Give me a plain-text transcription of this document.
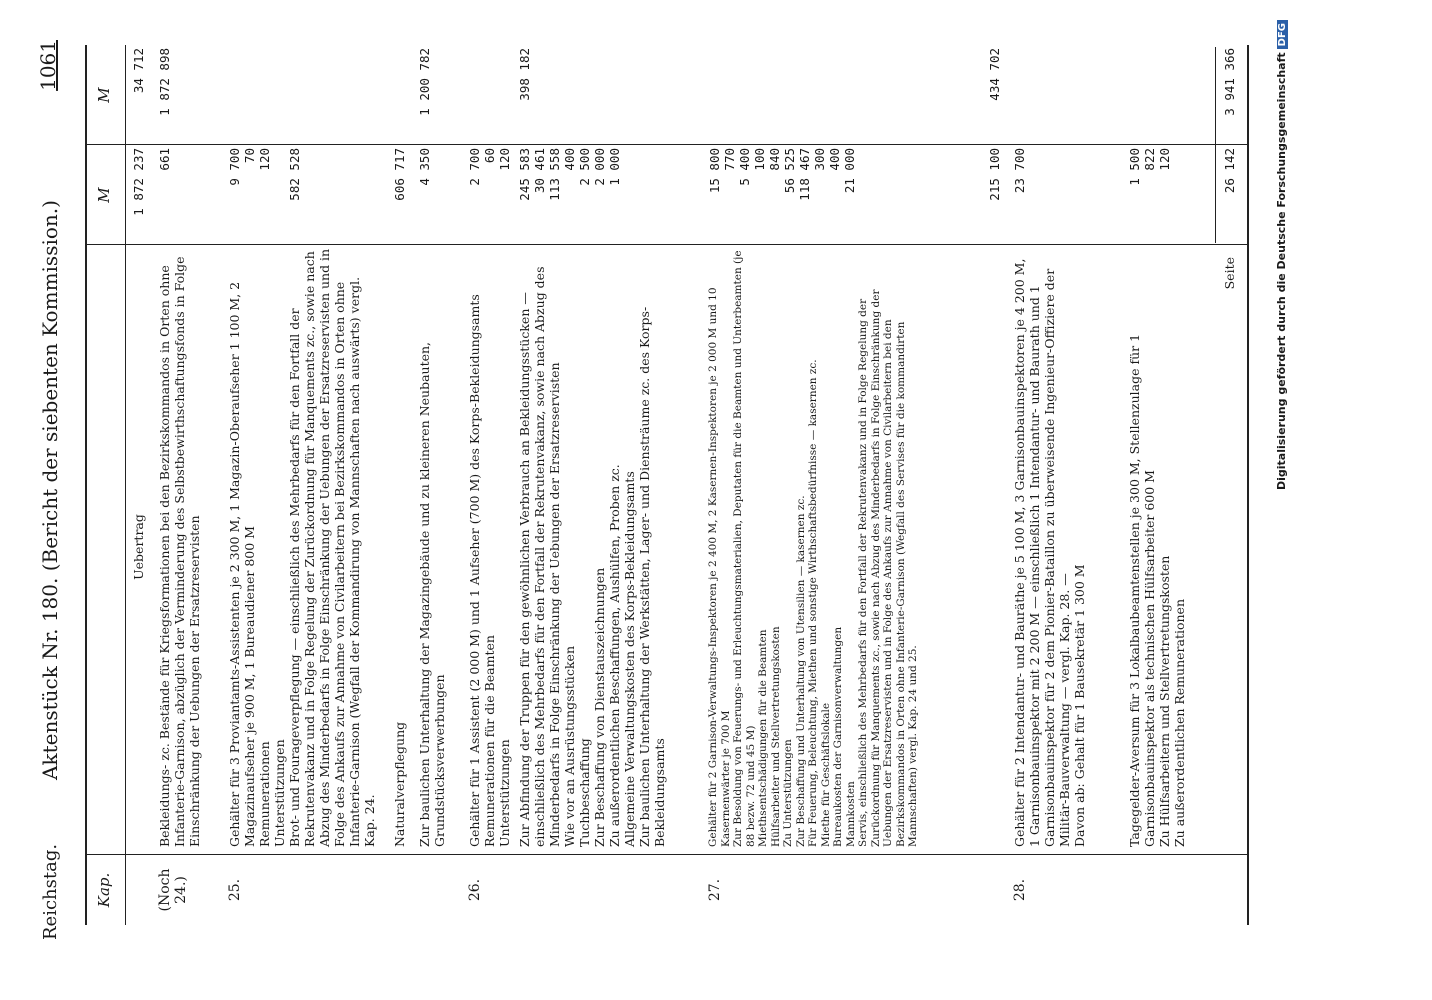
Reichstag.
Aktenstück Nr. 180. (Bericht der siebenten Kommission.)
1061
Kap.
M
M
Uebertrag
1 872 237
34 712
Seite
26 142
3 941 366
(Noch 24.)
Bekleidungs- zc. Bestände für Kriegsformationen bei den Bezirkskommandos in Orten ohne Infanterie-Garnison, abzüglich der Verminderung des Selbstbewirthschaftungsfonds in Folge Einschränkung der Uebungen der Ersatzreservisten
661
1 872 898
25.
Gehälter für 3 Proviantamts-Assistenten je 2 300 M, 1 Magazin-Oberaufseher 1 100 M, 2 Magazinaufseher je 900 M, 1 Bureaudiener 800 M
Remunerationen
Unterstützungen
9 700
70
120
Brot- und Fourageverpflegung — einschließlich des Mehrbedarfs für den Fortfall der Rekrutenvakanz und in Folge Regelung der Zurückordnung für Manquements zc., sowie nach Abzug des Minderbedarfs in Folge Einschränkung der Uebungen der Ersatzreservisten und in Folge des Ankaufs zur Annahme von Civilarbeitern bei Bezirkskommandos in Orten ohne Infanterie-Garnison (Wegfall der Kommandirung von Mannschaften nach auswärts) vergl. Kap. 24.
582 528
Naturalverpflegung
606 717
Zur baulichen Unterhaltung der Magazingebäude und zu kleineren Neubauten, Grundstücksverwerbungen
4 350
1 200 782
26.
Gehälter für 1 Assistent (2 000 M) und 1 Aufseher (700 M) des Korps-Bekleidungsamts
Remunerationen für die Beamten
Unterstützungen
2 700
60
120
Zur Abfindung der Truppen für den gewöhnlichen Verbrauch an Bekleidungsstücken — einschließlich des Mehrbedarfs für den Fortfall der Rekrutenvakanz, sowie nach Abzug des Minderbedarfs in Folge Einschränkung der Uebungen der Ersatzreservisten
Wie vor an Ausrüstungsstücken
Tuchbeschaffung
Zur Beschaffung von Dienstauszeichnungen
Zu außerordentlichen Beschaffungen, Aushülfen, Proben zc.
Allgemeine Verwaltungskosten des Korps-Bekleidungsamts
Zur baulichen Unterhaltung der Werkstätten, Lager- und Diensträume zc. des Korps-Bekleidungsamts
245 583
30 461
113 558
400
2 500
2 000
1 000
398 182
27.
Gehälter für 2 Garnison-Verwaltungs-Inspektoren je 2 400 M, 2 Kasernen-Inspektoren je 2 000 M und 10 Kasernenwärter je 700 M
Zur Besoldung von Feuerungs- und Erleuchtungsmaterialien, Deputaten für die Beamten und Unterbeamten (je 88 bezw. 72 und 45 M)
Miethsentschädigungen für die Beamten
Hülfsarbeiter und Stellvertretungskosten
Zu Unterstützungen
Zur Beschaffung und Unterhaltung von Utensilien — kasernen zc.
Für Feuerung, Beleuchtung, Miethen und sonstige Wirthschaftsbedürfnisse — kasernen zc.
Miethe für Geschäftslokale
Bureaukosten der Garnisonverwaltungen
Mannkosten
Servis, einschließlich des Mehrbedarfs für den Fortfall der Rekrutenvakanz und in Folge Regelung der Zurückordnung für Manquements zc., sowie nach Abzug des Minderbedarfs in Folge Einschränkung der Uebungen der Ersatzreservisten und in Folge des Ankaufs zur Annahme von Civilarbeitern bei den Bezirkskommandos in Orten ohne Infanterie-Garnison (Wegfall des Servises für die kommandirten Mannschaften) vergl. Kap. 24 und 25.
15 800
770
5 400
100
840
56 525
118 467
300
400
21 000	215 100
434 702
28.
Gehälter für 2 Intendantur- und Bauräthe je 5 100 M, 3 Garnisonbauinspektoren je 4 200 M, 1 Garnisonbauinspektor mit 2 200 M — einschließlich 1 Intendantur- und Baurath und 1 Garnisonbauinspektor für 2 dem Pionier-Bataillon zu überweisende Ingenieur-Offiziere der Militär-Bauverwaltung — vergl. Kap. 28. —
Davon ab: Gehalt für 1 Bausekretär 1 300 M
23 700
Tagegelder-Aversum für 3 Lokalbaubeamtenstellen je 300 M, Stellenzulage für 1 Garnisonbauinspektor als technischen Hülfsarbeiter 600 M
Zu Hülfsarbeitern und Stellvertretungskosten
Zu außerordentlichen Remunerationen
1 500
822
120	Digitalisierung gefördert durch die Deutsche ForschungsgemeinschaftDFG
